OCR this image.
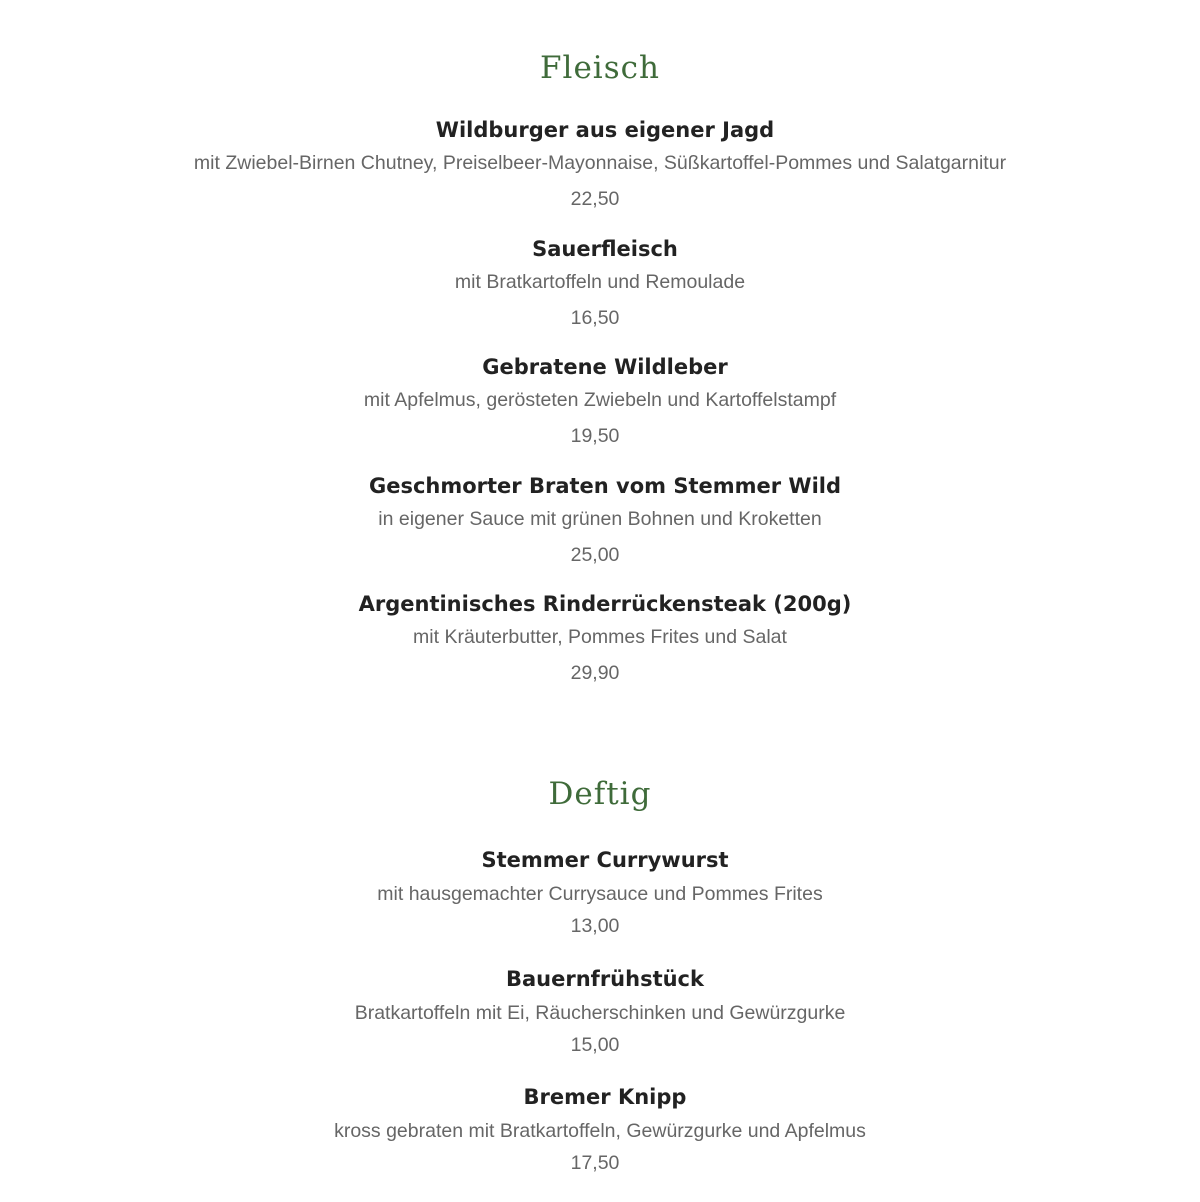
Fleisch
Wildburger aus eigener Jagd
mit Zwiebel-Birnen Chutney, Preiselbeer-Mayonnaise, Süßkartoffel-Pommes und Salatgarnitur
22,50
Sauerfleisch
mit Bratkartoffeln und Remoulade
16,50
Gebratene Wildleber
mit Apfelmus, gerösteten Zwiebeln und Kartoffelstampf
19,50
Geschmorter Braten vom Stemmer Wild
in eigener Sauce mit grünen Bohnen und Kroketten
25,00
Argentinisches Rinderrückensteak (200g)
mit Kräuterbutter, Pommes Frites und Salat
29,90
Deftig
Stemmer Currywurst
mit hausgemachter Currysauce und Pommes Frites
13,00
Bauernfrühstück
Bratkartoffeln mit Ei, Räucherschinken und Gewürzgurke
15,00
Bremer Knipp
kross gebraten mit Bratkartoffeln, Gewürzgurke und Apfelmus
17,50
